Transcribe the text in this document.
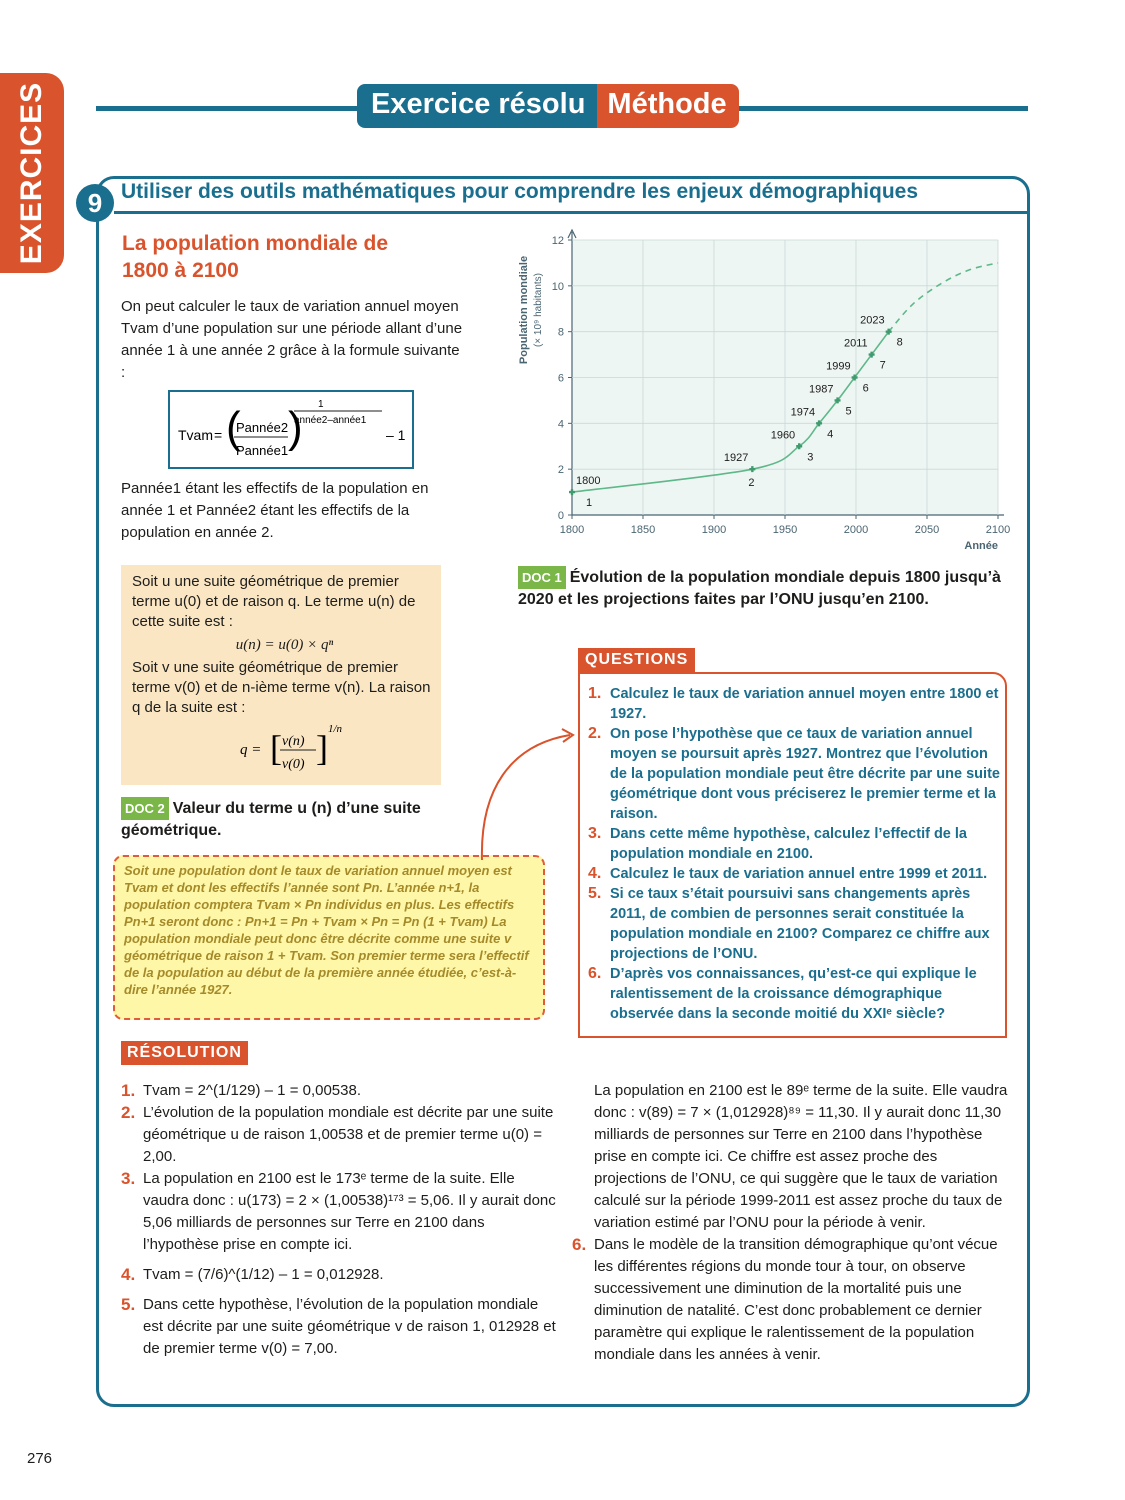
EXERCICES	Exercice résolu Méthode
9 Utiliser des outils mathématiques pour comprendre les enjeux démographiques
La population mondiale de 1800 à 2100
On peut calculer le taux de variation annuel moyen Tvam d’une population sur une période allant d’une année 1 à une année 2 grâce à la formule suivante :
Tvam = (
Pannée2
Pannée1 ) 1
année2–année1
– 1
Pannée1 étant les effectifs de la population en année 1 et Pannée2 étant les effectifs de la population en année 2.
Soit u une suite géométrique de premier terme u(0) et de raison q. Le terme u(n) de cette suite est :
u(n) = u(0) × qⁿ
Soit v une suite géométrique de premier terme v(0) et de n-ième terme v(n). La raison q de la suite est :
q = [ v(n)
v(0) ] 1/n
DOC 2 Valeur du terme u (n) d’une suite géométrique.
Soit une population dont le taux de variation annuel moyen est Tvam et dont les effectifs l’année sont Pn. L’année n+1, la population comptera Tvam × Pn individus en plus. Les effectifs Pn+1 seront donc : Pn+1 = Pn + Tvam × Pn = Pn (1 + Tvam) La population mondiale peut donc être décrite comme une suite v géométrique de raison 1 + Tvam. Son premier terme sera l’effectif de la population au début de la première année étudiée, c’est-à-dire l’année 1927.
0
2
4
6
8
10
12
1800	1850	1900	1950	2000	2050	2100
Année
Population mondiale (× 10⁹ habitants)
1800
1
1927
2
1960
3
1974
4
1987
5
1999
6
2011
7
2023
8
DOC 1 Évolution de la population mondiale depuis 1800 jusqu’à 2020 et les projections faites par l’ONU jusqu’en 2100.
QUESTIONS
1. Calculez le taux de variation annuel moyen entre 1800 et 1927.
2. On pose l’hypothèse que ce taux de variation annuel moyen se poursuit après 1927. Montrez que l’évolution de la population mondiale peut être décrite par une suite géométrique dont vous préciserez le premier terme et la raison.
3. Dans cette même hypothèse, calculez l’effectif de la population mondiale en 2100.
4. Calculez le taux de variation annuel entre 1999 et 2011.
5. Si ce taux s’était poursuivi sans changements après 2011, de combien de personnes serait constituée la population mondiale en 2100? Comparez ce chiffre aux projections de l’ONU.
6. D’après vos connaissances, qu’est-ce qui explique le ralentissement de la croissance démographique observée dans la seconde moitié du XXIᵉ siècle?
RÉSOLUTION
1. Tvam = 2^(1/129) – 1 = 0,00538.
2. L’évolution de la population mondiale est décrite par une suite géométrique u de raison 1,00538 et de premier terme u(0) = 2,00.
3. La population en 2100 est le 173ᵉ terme de la suite. Elle vaudra donc : u(173) = 2 × (1,00538)¹⁷³ = 5,06. Il y aurait donc 5,06 milliards de personnes sur Terre en 2100 dans l’hypothèse prise en compte ici.
4. Tvam = (7/6)^(1/12) – 1 = 0,012928.
5. Dans cette hypothèse, l’évolution de la population mondiale est décrite par une suite géométrique v de raison 1, 012928 et de premier terme v(0) = 7,00.
La population en 2100 est le 89ᵉ terme de la suite. Elle vaudra donc : v(89) = 7 × (1,012928)⁸⁹ = 11,30. Il y aurait donc 11,30 milliards de personnes sur Terre en 2100 dans l’hypothèse prise en compte ici. Ce chiffre est assez proche des projections de l’ONU, ce qui suggère que le taux de variation calculé sur la période 1999-2011 est assez proche du taux de variation estimé par l’ONU pour la période à venir.
6. Dans le modèle de la transition démographique qu’ont vécue les différentes régions du monde tour à tour, on observe successivement une diminution de la mortalité puis une diminution de natalité. C’est donc probablement ce dernier paramètre qui explique le ralentissement de la population mondiale dans les années à venir.
276
